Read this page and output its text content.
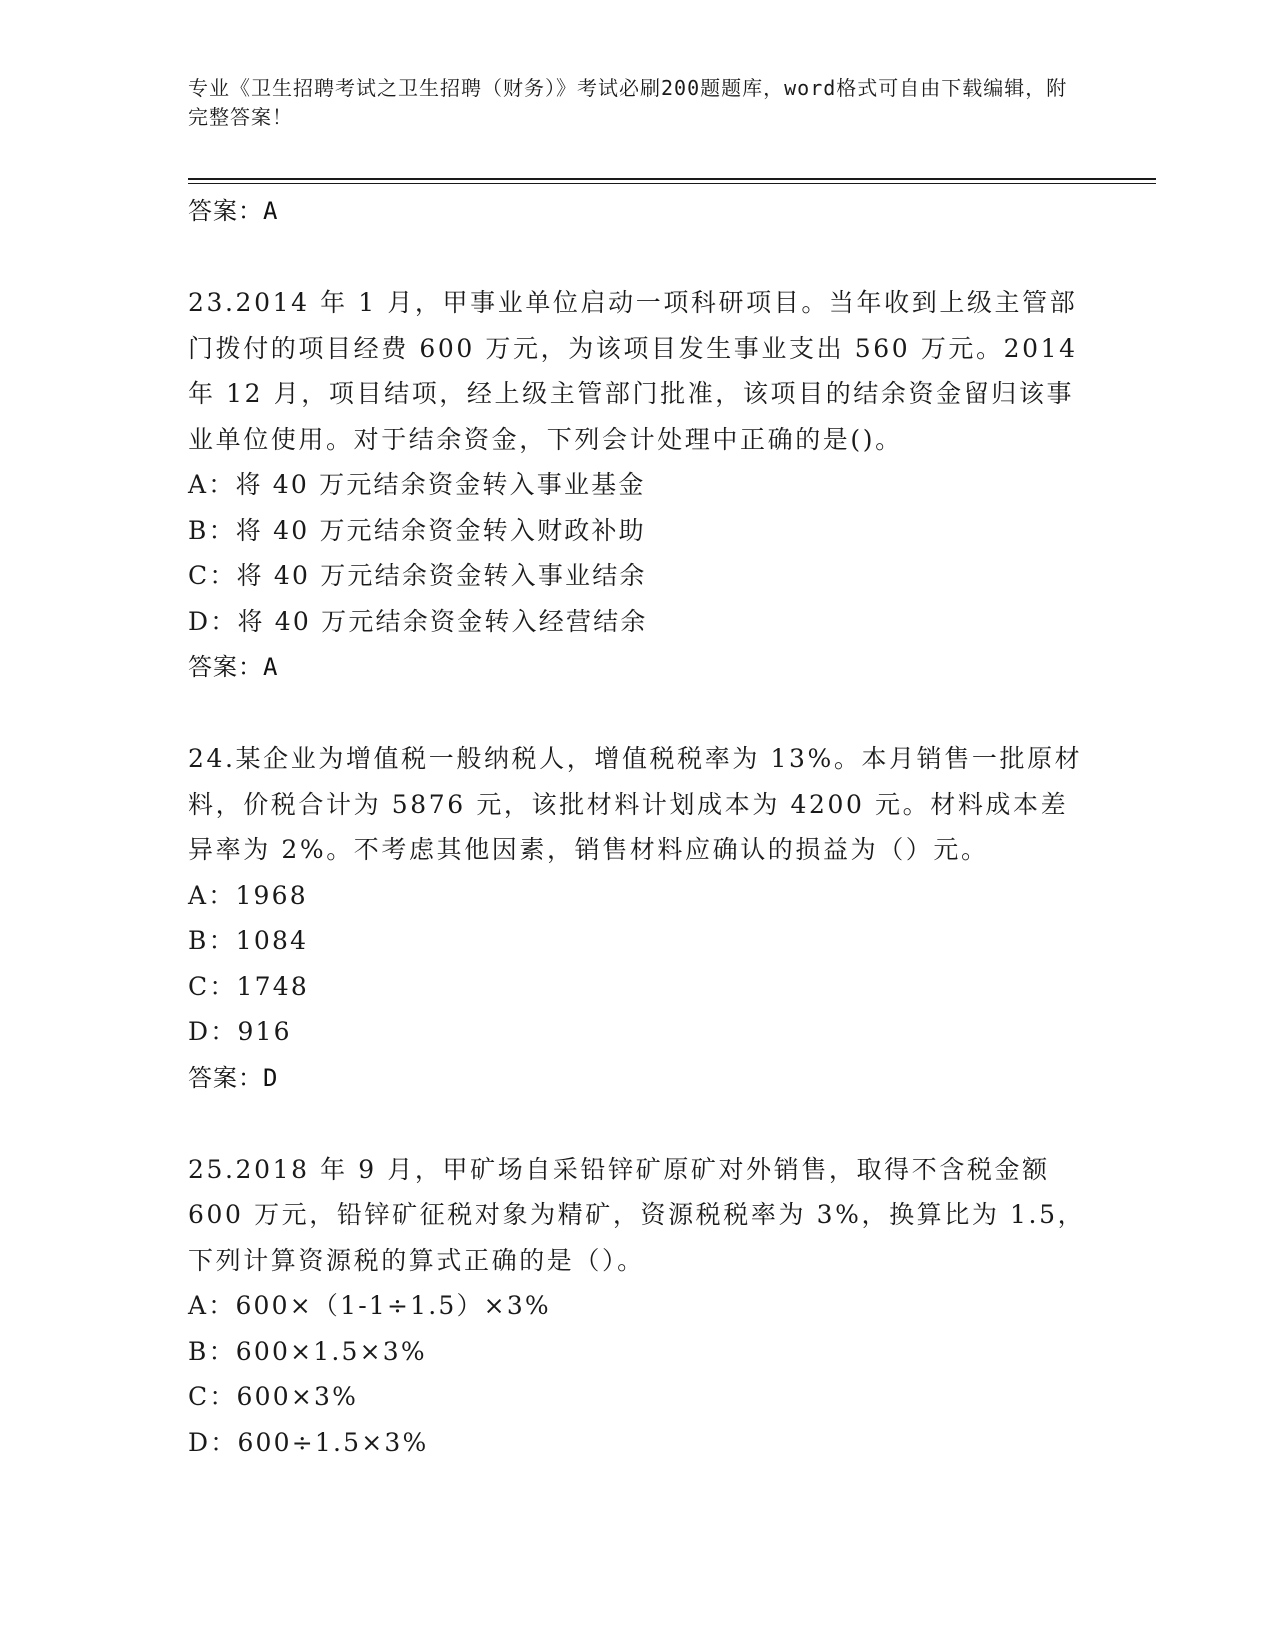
专业《卫生招聘考试之卫生招聘（财务）》考试必刷200题题库，word格式可自由下载编辑，附完整答案！
答案：A

23.2014 年 1 月，甲事业单位启动一项科研项目。当年收到上级主管部门拨付的项目经费 600 万元，为该项目发生事业支出 560 万元。2014 年 12 月，项目结项，经上级主管部门批准，该项目的结余资金留归该事业单位使用。对于结余资金，下列会计处理中正确的是()。

A：将 40 万元结余资金转入事业基金
B：将 40 万元结余资金转入财政补助
C：将 40 万元结余资金转入事业结余
D：将 40 万元结余资金转入经营结余
答案：A

24.某企业为增值税一般纳税人，增值税税率为 13%。本月销售一批原材料，价税合计为 5876 元，该批材料计划成本为 4200 元。材料成本差异率为 2%。不考虑其他因素，销售材料应确认的损益为（）元。

A：1968
B：1084
C：1748
D：916
答案：D

25.2018 年 9 月，甲矿场自采铅锌矿原矿对外销售，取得不含税金额600 万元，铅锌矿征税对象为精矿，资源税税率为 3%，换算比为 1.5，下列计算资源税的算式正确的是（）。

A：600×（1-1÷1.5）×3%
B：600×1.5×3%
C：600×3%
D：600÷1.5×3%
